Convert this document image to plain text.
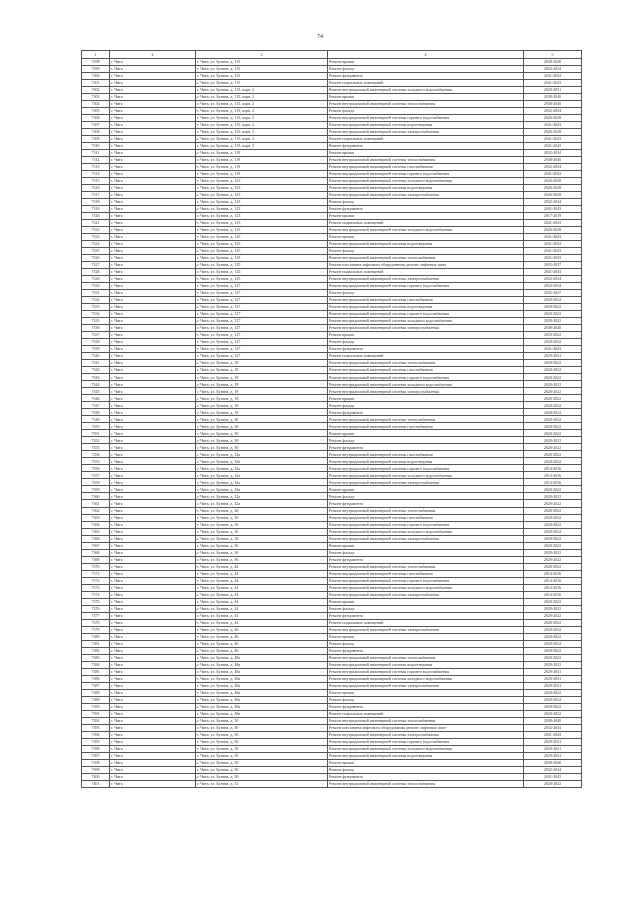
74
1	2	3	4	5
7298	г. Чита	г. Чита, ул. Бутина, д. 115	Ремонт крыши	2038-2040
7299	г. Чита	г. Чита, ул. Бутина, д. 115	Ремонт фасада	2032-2034
7300	г. Чита	г. Чита, ул. Бутина, д. 115	Ремонт фундамента	2041-2043
7301	г. Чита	г. Чита, ул. Бутина, д. 115	Ремонт подвальных помещений	2041-2043
7302	г. Чита	г. Чита, ул. Бутина, д. 115, корп. 2	Ремонт внутридомовой инженерной системы холодного водоснабжения	2029-2031
7303	г. Чита	г. Чита, ул. Бутина, д. 115, корп. 2	Ремонт крыши	2038-2040
7304	г. Чита	г. Чита, ул. Бутина, д. 115, корп. 2	Ремонт внутридомовой инженерной системы теплоснабжения	2038-2040
7305	г. Чита	г. Чита, ул. Бутина, д. 115, корп. 2	Ремонт фасада	2032-2034
7306	г. Чита	г. Чита, ул. Бутина, д. 115, корп. 2	Ремонт внутридомовой инженерной системы горячего водоснабжения	2026-2028
7307	г. Чита	г. Чита, ул. Бутина, д. 115, корп. 2	Ремонт внутридомовой инженерной системы водоотведения	2041-2043
7308	г. Чита	г. Чита, ул. Бутина, д. 115, корп. 2	Ремонт внутридомовой инженерной системы электроснабжения	2026-2028
7309	г. Чита	г. Чита, ул. Бутина, д. 115, корп. 2	Ремонт подвальных помещений	2041-2043
7310	г. Чита	г. Чита, ул. Бутина, д. 115, корп. 2	Ремонт фундамента	2041-2043
7311	г. Чита	г. Чита, ул. Бутина, д. 119	Ремонт крыши	2032-2034
7312	г. Чита	г. Чита, ул. Бутина, д. 119	Ремонт внутридомовой инженерной системы теплоснабжения	2038-2040
7313	г. Чита	г. Чита, ул. Бутина, д. 119	Ремонт внутридомовой инженерной системы газоснабжения	2032-2034
7314	г. Чита	г. Чита, ул. Бутина, д. 119	Ремонт внутридомовой инженерной системы горячего водоснабжения	2041-2043
7315	г. Чита	г. Чита, ул. Бутина, д. 123	Ремонт внутридомовой инженерной системы холодного водоснабжения	2026-2028
7316	г. Чита	г. Чита, ул. Бутина, д. 123	Ремонт внутридомовой инженерной системы водоотведения	2026-2028
7317	г. Чита	г. Чита, ул. Бутина, д. 123	Ремонт внутридомовой инженерной системы электроснабжения	2026-2028
7318	г. Чита	г. Чита, ул. Бутина, д. 123	Ремонт фасада	2032-2034
7319	г. Чита	г. Чита, ул. Бутина, д. 123	Ремонт фундамента	2041-2043
7320	г. Чита	г. Чита, ул. Бутина, д. 123	Ремонт крыши	2017-2019
7321	г. Чита	г. Чита, ул. Бутина, д. 123	Ремонт подвальных помещений	2041-2043
7322	г. Чита	г. Чита, ул. Бутина, д. 125	Ремонт внутридомовой инженерной системы холодного водоснабжения	2026-2028
7323	г. Чита	г. Чита, ул. Бутина, д. 125	Ремонт крыши	2041-2043
7324	г. Чита	г. Чита, ул. Бутина, д. 125	Ремонт внутридомовой инженерной системы водоотведения	2041-2043
7325	г. Чита	г. Чита, ул. Бутина, д. 125	Ремонт фасада	2041-2043
7326	г. Чита	г. Чита, ул. Бутина, д. 125	Ремонт внутридомовой инженерной системы теплоснабжения	2041-2043
7327	г. Чита	г. Чита, ул. Бутина, д. 125	Ремонт или замена лифтового оборудования, ремонт лифтовых шахт	2035-2037
7328	г. Чита	г. Чита, ул. Бутина, д. 125	Ремонт подвальных помещений	2041-2043
7329	г. Чита	г. Чита, ул. Бутина, д. 125	Ремонт внутридомовой инженерной системы электроснабжения	2032-2034
7330	г. Чита	г. Чита, ул. Бутина, д. 127	Ремонт внутридомовой инженерной системы горячего водоснабжения	2032-2034
7331	г. Чита	г. Чита, ул. Бутина, д. 127	Ремонт фасада	2035-2037
7332	г. Чита	г. Чита, ул. Бутина, д. 127	Ремонт внутридомовой инженерной системы газоснабжения	2020-2022
7333	г. Чита	г. Чита, ул. Бутина, д. 127	Ремонт внутридомовой инженерной системы водоотведения	2020-2022
7334	г. Чита	г. Чита, ул. Бутина, д. 127	Ремонт внутридомовой инженерной системы горячего водоснабжения	2020-2022
7335	г. Чита	г. Чита, ул. Бутина, д. 127	Ремонт внутридомовой инженерной системы холодного водоснабжения	2020-2022
7336	г. Чита	г. Чита, ул. Бутина, д. 127	Ремонт внутридомовой инженерной системы электроснабжения	2038-2040
7337	г. Чита	г. Чита, ул. Бутина, д. 127	Ремонт крыши	2020-2022
7338	г. Чита	г. Чита, ул. Бутина, д. 127	Ремонт фасада	2020-2022
7339	г. Чита	г. Чита, ул. Бутина, д. 127	Ремонт фундамента	2041-2043
7340	г. Чита	г. Чита, ул. Бутина, д. 127	Ремонт подвальных помещений	2029-2031
7341	г. Чита	г. Чита, ул. Бутина, д. 18	Ремонт внутридомовой инженерной системы теплоснабжения	2020-2022
7342	г. Чита	г. Чита, ул. Бутина, д. 18	Ремонт внутридомовой инженерной системы газоснабжения	2020-2022
7343	г. Чита	г. Чита, ул. Бутина, д. 18	Ремонт внутридомовой инженерной системы горячего водоснабжения	2020-2022
7344	г. Чита	г. Чита, ул. Бутина, д. 18	Ремонт внутридомовой инженерной системы холодного водоснабжения	2020-2022
7345	г. Чита	г. Чита, ул. Бутина, д. 18	Ремонт внутридомовой инженерной системы электроснабжения	2020-2022
7346	г. Чита	г. Чита, ул. Бутина, д. 18	Ремонт крыши	2020-2022
7347	г. Чита	г. Чита, ул. Бутина, д. 18	Ремонт фасада	2020-2022
7348	г. Чита	г. Чита, ул. Бутина, д. 18	Ремонт фундамента	2020-2022
7349	г. Чита	г. Чита, ул. Бутина, д. 30	Ремонт внутридомовой инженерной системы теплоснабжения	2020-2022
7350	г. Чита	г. Чита, ул. Бутина, д. 30	Ремонт внутридомовой инженерной системы газоснабжения	2020-2022
7351	г. Чита	г. Чита, ул. Бутина, д. 30	Ремонт крыши	2020-2022
7352	г. Чита	г. Чита, ул. Бутина, д. 30	Ремонт фасада	2020-2022
7353	г. Чита	г. Чита, ул. Бутина, д. 30	Ремонт фундамента	2020-2022
7354	г. Чита	г. Чита, ул. Бутина, д. 32а	Ремонт внутридомовой инженерной системы газоснабжения	2020-2022
7355	г. Чита	г. Чита, ул. Бутина, д. 32а	Ремонт внутридомовой инженерной системы водоотведения	2020-2022
7356	г. Чита	г. Чита, ул. Бутина, д. 32а	Ремонт внутридомовой инженерной системы горячего водоснабжения	2014-2016
7357	г. Чита	г. Чита, ул. Бутина, д. 32а	Ремонт внутридомовой инженерной системы холодного водоснабжения	2014-2016
7358	г. Чита	г. Чита, ул. Бутина, д. 32а	Ремонт внутридомовой инженерной системы электроснабжения	2014-2016
7359	г. Чита	г. Чита, ул. Бутина, д. 32а	Ремонт крыши	2020-2022
7360	г. Чита	г. Чита, ул. Бутина, д. 32а	Ремонт фасада	2020-2022
7361	г. Чита	г. Чита, ул. Бутина, д. 32а	Ремонт фундамента	2020-2022
7362	г. Чита	г. Чита, ул. Бутина, д. 36	Ремонт внутридомовой инженерной системы теплоснабжения	2020-2022
7363	г. Чита	г. Чита, ул. Бутина, д. 36	Ремонт внутридомовой инженерной системы газоснабжения	2020-2022
7364	г. Чита	г. Чита, ул. Бутина, д. 36	Ремонт внутридомовой инженерной системы горячего водоснабжения	2020-2022
7365	г. Чита	г. Чита, ул. Бутина, д. 36	Ремонт внутридомовой инженерной системы холодного водоснабжения	2020-2022
7366	г. Чита	г. Чита, ул. Бутина, д. 36	Ремонт внутридомовой инженерной системы электроснабжения	2020-2022
7367	г. Чита	г. Чита, ул. Бутина, д. 36	Ремонт крыши	2020-2022
7368	г. Чита	г. Чита, ул. Бутина, д. 36	Ремонт фасада	2020-2022
7369	г. Чита	г. Чита, ул. Бутина, д. 36	Ремонт фундамента	2020-2022
7370	г. Чита	г. Чита, ул. Бутина, д. 44	Ремонт внутридомовой инженерной системы теплоснабжения	2020-2022
7371	г. Чита	г. Чита, ул. Бутина, д. 44	Ремонт внутридомовой инженерной системы газоснабжения	2014-2016
7372	г. Чита	г. Чита, ул. Бутина, д. 44	Ремонт внутридомовой инженерной системы горячего водоснабжения	2014-2016
7373	г. Чита	г. Чита, ул. Бутина, д. 44	Ремонт внутридомовой инженерной системы холодного водоснабжения	2014-2016
7374	г. Чита	г. Чита, ул. Бутина, д. 44	Ремонт внутридомовой инженерной системы электроснабжения	2014-2016
7375	г. Чита	г. Чита, ул. Бутина, д. 44	Ремонт крыши	2020-2022
7376	г. Чита	г. Чита, ул. Бутина, д. 44	Ремонт фасада	2020-2022
7377	г. Чита	г. Чита, ул. Бутина, д. 44	Ремонт фундамента	2020-2022
7378	г. Чита	г. Чита, ул. Бутина, д. 44	Ремонт подвальных помещений	2020-2022
7379	г. Чита	г. Чита, ул. Бутина, д. 46	Ремонт внутридомовой инженерной системы электроснабжения	2020-2022
7380	г. Чита	г. Чита, ул. Бутина, д. 46	Ремонт крыши	2020-2022
7381	г. Чита	г. Чита, ул. Бутина, д. 46	Ремонт фасада	2020-2022
7382	г. Чита	г. Чита, ул. Бутина, д. 46	Ремонт фундамента	2020-2022
7383	г. Чита	г. Чита, ул. Бутина, д. 48а	Ремонт внутридомовой инженерной системы теплоснабжения	2020-2022
7384	г. Чита	г. Чита, ул. Бутина, д. 48а	Ремонт внутридомовой инженерной системы водоотведения	2020-2022
7385	г. Чита	г. Чита, ул. Бутина, д. 48а	Ремонт внутридомовой инженерной системы горячего водоснабжения	2029-2031
7386	г. Чита	г. Чита, ул. Бутина, д. 48а	Ремонт внутридомовой инженерной системы холодного водоснабжения	2029-2031
7387	г. Чита	г. Чита, ул. Бутина, д. 48а	Ремонт внутридомовой инженерной системы электроснабжения	2029-2031
7388	г. Чита	г. Чита, ул. Бутина, д. 48а	Ремонт крыши	2020-2022
7389	г. Чита	г. Чита, ул. Бутина, д. 48а	Ремонт фасада	2020-2022
7390	г. Чита	г. Чита, ул. Бутина, д. 48а	Ремонт фундамента	2020-2022
7391	г. Чита	г. Чита, ул. Бутина, д. 48а	Ремонт подвальных помещений	2020-2022
7392	г. Чита	г. Чита, ул. Бутина, д. 50	Ремонт внутридомовой инженерной системы теплоснабжения	2038-2040
7393	г. Чита	г. Чита, ул. Бутина, д. 50	Ремонт или замена лифтового оборудования, ремонт лифтовых шахт	2032-2034
7394	г. Чита	г. Чита, ул. Бутина, д. 50	Ремонт внутридомовой инженерной системы электроснабжения	2041-2043
7395	г. Чита	г. Чита, ул. Бутина, д. 50	Ремонт внутридомовой инженерной системы горячего водоснабжения	2029-2031
7396	г. Чита	г. Чита, ул. Бутина, д. 50	Ремонт внутридомовой инженерной системы холодного водоснабжения	2029-2031
7397	г. Чита	г. Чита, ул. Бутина, д. 50	Ремонт внутридомовой инженерной системы водоотведения	2029-2031
7398	г. Чита	г. Чита, ул. Бутина, д. 50	Ремонт крыши	2038-2040
7399	г. Чита	г. Чита, ул. Бутина, д. 50	Ремонт фасада	2032-2034
7400	г. Чита	г. Чита, ул. Бутина, д. 50	Ремонт фундамента	2041-2043
7401	г. Чита	г. Чита, ул. Бутина, д. 52	Ремонт внутридомовой инженерной системы теплоснабжения	2020-2022
